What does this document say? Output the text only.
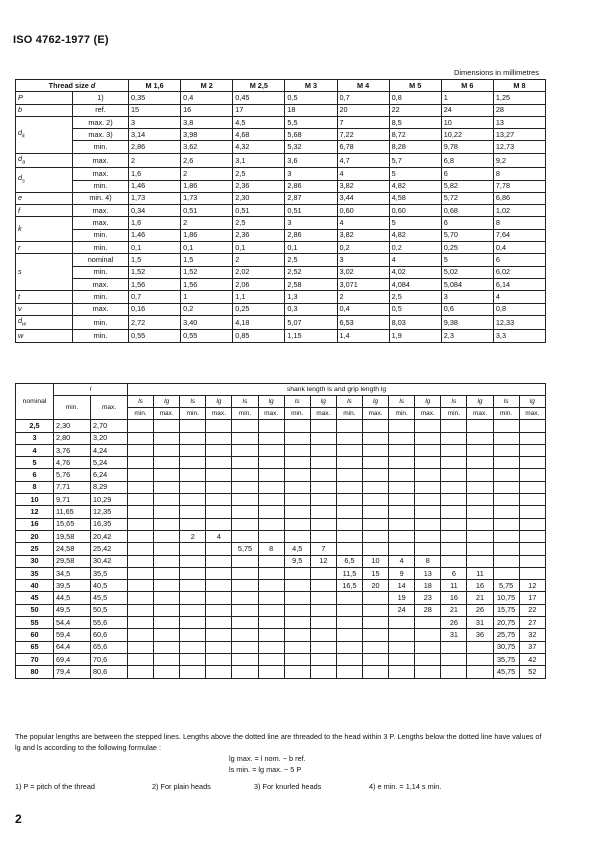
ISO 4762-1977 (E)
Dimensions in millimetres
Thread size d		M 1,6	M 2	M 2,5	M 3	M 4	M 5	M 6	M 8
P	1)	0,35	0,4	0,45	0,5	0,7	0,8	1	1,25
b	ref.	15	16	17	18	20	22	24	28
$d_k$	max. 2)	3	3,8	4,5	5,5	7	8,5	10	13
	max. 3)	3,14	3,98	4,68	5,68	7,22	8,72	10,22	13,27
	min.	2,86	3,62	4,32	5,32	6,78	8,28	9,78	12,73
$d_a$	max.	2	2,6	3,1	3,6	4,7	5,7	6,8	9,2
$d_s$	max.	1,6	2	2,5	3	4	5	6	8
	min.	1,46	1,86	2,36	2,86	3,82	4,82	5,82	7,78
e	min. 4)	1,73	1,73	2,30	2,87	3,44	4,58	5,72	6,86
f	max.	0,34	0,51	0,51	0,51	0,60	0,60	0,68	1,02
k	max.	1,6	2	2,5	3	4	5	6	8
	min.	1,46	1,86	2,36	2,86	3,82	4,82	5,70	7,64
r	min.	0,1	0,1	0,1	0,1	0,2	0,2	0,25	0,4
s	nominal	1,5	1,5	2	2,5	3	4	5	6
	min.	1,52	1,52	2,02	2,52	3,02	4,02	5,02	6,02
	max.	1,56	1,56	2,06	2,58	3,071	4,084	5,084	6,14
t	min.	0,7	1	1,1	1,3	2	2,5	3	4
v	max.	0,16	0,2	0,25	0,3	0,4	0,5	0,6	0,8
$d_w$	min.	2,72	3,40	4,18	5,07	6,53	8,03	9,38	12,33
w	min.	0,55	0,55	0,85	1,15	1,4	1,9	2,3	3,3
nominal	l		shank length ls and grip length lg															
	min.	max.	ls	lg	ls	lg	ls	lg	ls	lg	ls	lg	ls	lg	ls	lg	ls	lg
			min.	max.	min.	max.	min.	max.	min.	max.	min.	max.	min.	max.	min.	max.	min.	max.
2,5	2,30	2,70																
3	2,80	3,20																
4	3,76	4,24																
5	4,76	5,24																
6	5,76	6,24																
8	7,71	8,29																
10	9,71	10,29																
12	11,65	12,35																
16	15,65	16,35																
20	19,58	20,42			2	4												
25	24,58	25,42					5,75	8	4,5	7								
30	29,58	30,42							9,5	12	6,5	10	4	8				
35	34,5	35,5									11,5	15	9	13	6	11		
40	39,5	40,5									16,5	20	14	18	11	16	5,75	12
45	44,5	45,5											19	23	16	21	10,75	17
50	49,5	50,5											24	28	21	26	15,75	22
55	54,4	55,6													26	31	20,75	27
60	59,4	60,6													31	36	25,75	32
65	64,4	65,6															30,75	37
70	69,4	70,6															35,75	42
80	79,4	80,6															45,75	52
The popular lengths are between the stepped lines. Lengths above the dotted line are threaded to the head within 3 P. Lengths below the dotted line have values of lg and ls according to the following formulae :
lg max. = l nom. − b ref.
ls min. = lg max. − 5 P
1) P = pitch of the thread	2) For plain heads	3) For knurled heads	4) e min. = 1,14 s min.
2
